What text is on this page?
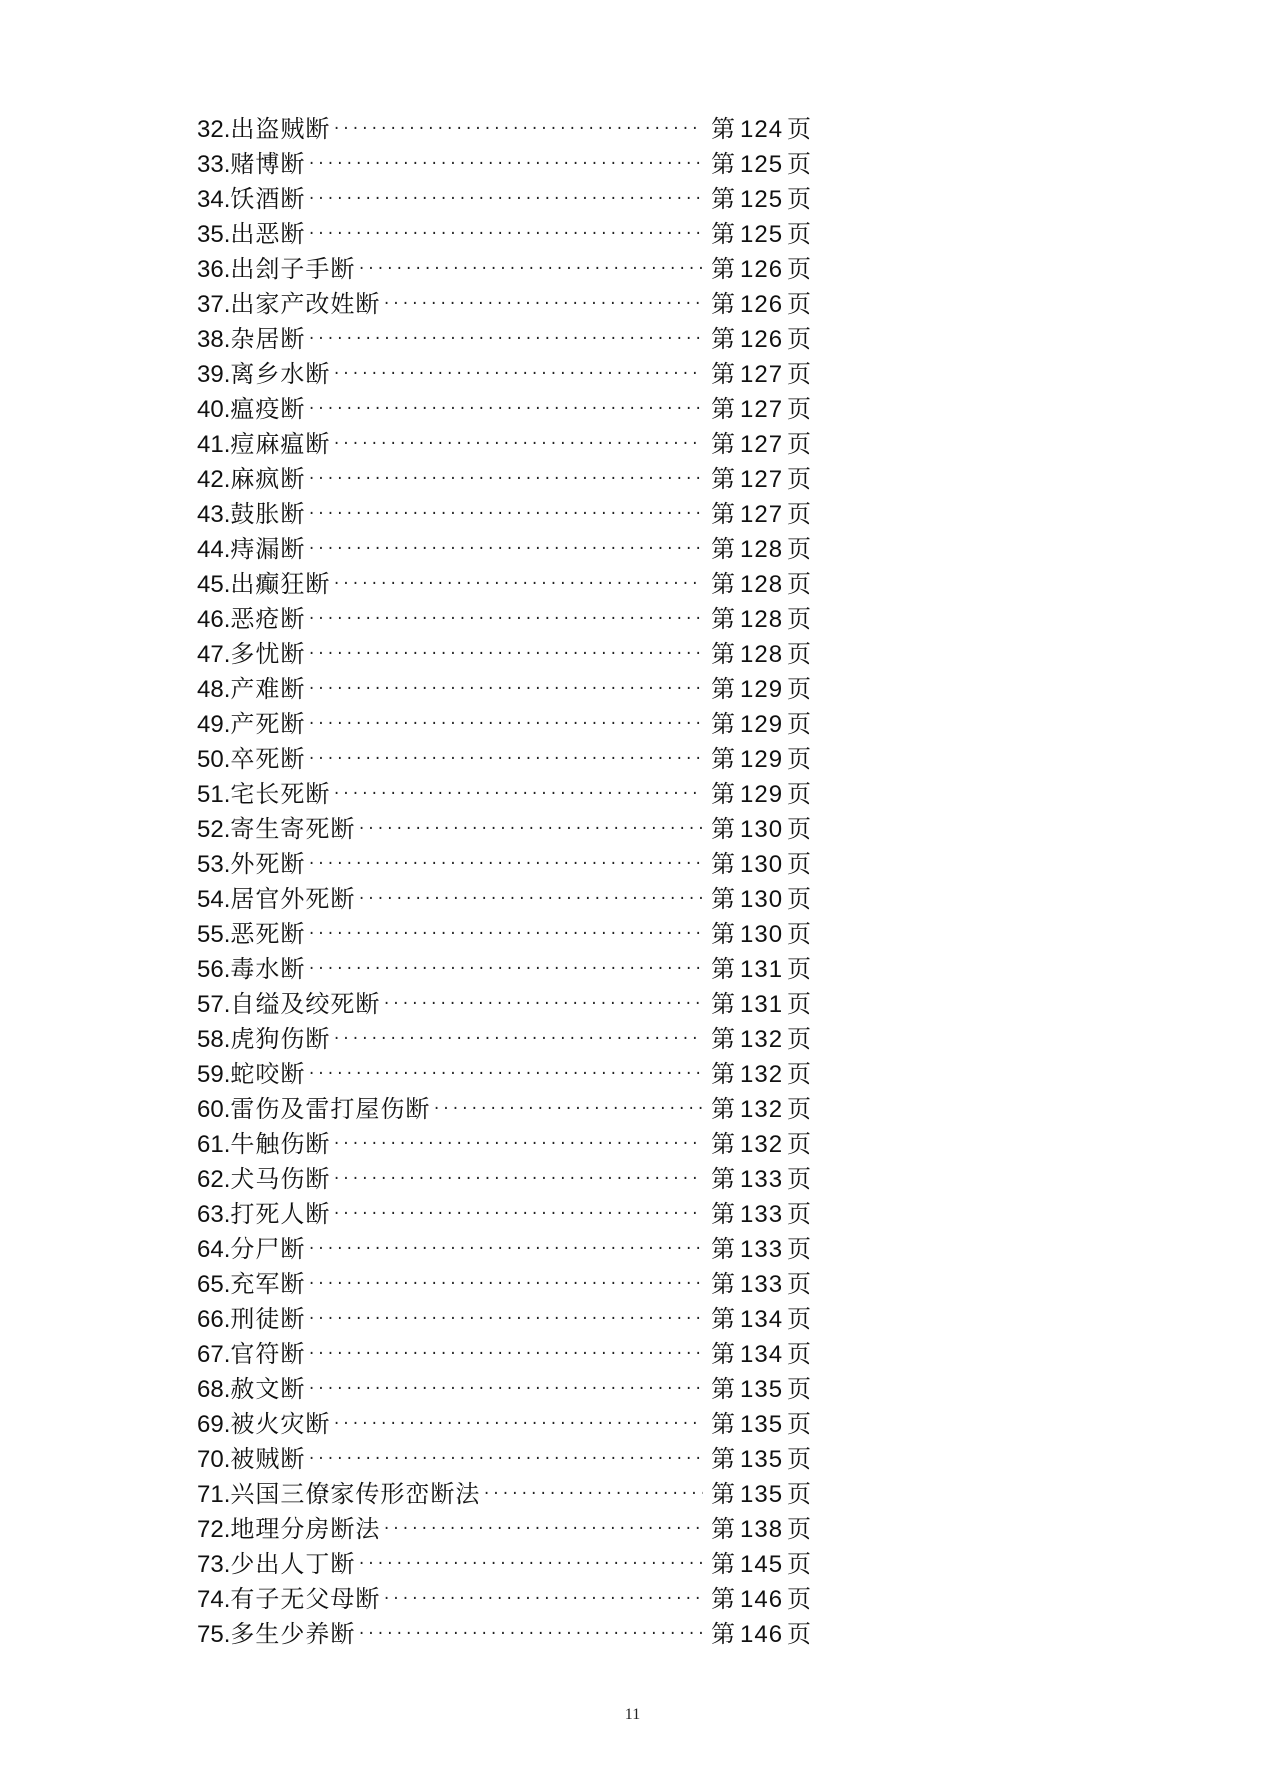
32. 出盗贼断 ·····	第 124 页
33. 赌博断 ·····	第 125 页
34. 饫酒断 ·····	第 125 页
35. 出恶断 ·····	第 125 页
36. 出刽子手断 ·····	第 126 页
37. 出家产改姓断 ·····	第 126 页
38. 杂居断 ·····	第 126 页
39. 离乡水断 ·····	第 127 页
40. 瘟疫断 ·····	第 127 页
41. 痘麻瘟断 ·····	第 127 页
42. 麻疯断 ·····	第 127 页
43. 鼓胀断 ·····	第 127 页
44. 痔漏断 ·····	第 128 页
45. 出癫狂断 ·····	第 128 页
46. 恶疮断 ·····	第 128 页
47. 多忧断 ·····	第 128 页
48. 产难断 ·····	第 129 页
49. 产死断 ·····	第 129 页
50. 卒死断 ·····	第 129 页
51. 宅长死断 ·····	第 129 页
52. 寄生寄死断 ·····	第 130 页
53. 外死断 ·····	第 130 页
54. 居官外死断 ·····	第 130 页
55. 恶死断 ·····	第 130 页
56. 毒水断 ·····	第 131 页
57. 自缢及绞死断 ·····	第 131 页
58. 虎狗伤断 ·····	第 132 页
59. 蛇咬断 ·····	第 132 页
60. 雷伤及雷打屋伤断 ·····	第 132 页
61. 牛触伤断 ·····	第 132 页
62. 犬马伤断 ·····	第 133 页
63. 打死人断 ·····	第 133 页
64. 分尸断 ·····	第 133 页
65. 充军断 ·····	第 133 页
66. 刑徒断 ·····	第 134 页
67. 官符断 ·····	第 134 页
68. 赦文断 ·····	第 135 页
69. 被火灾断 ·····	第 135 页
70. 被贼断 ·····	第 135 页
71. 兴国三僚家传形峦断法 ·····	第 135 页
72. 地理分房断法 ·····	第 138 页
73. 少出人丁断 ·····	第 145 页
74. 有子无父母断 ·····	第 146 页
75. 多生少养断 ·····	第 146 页
11
